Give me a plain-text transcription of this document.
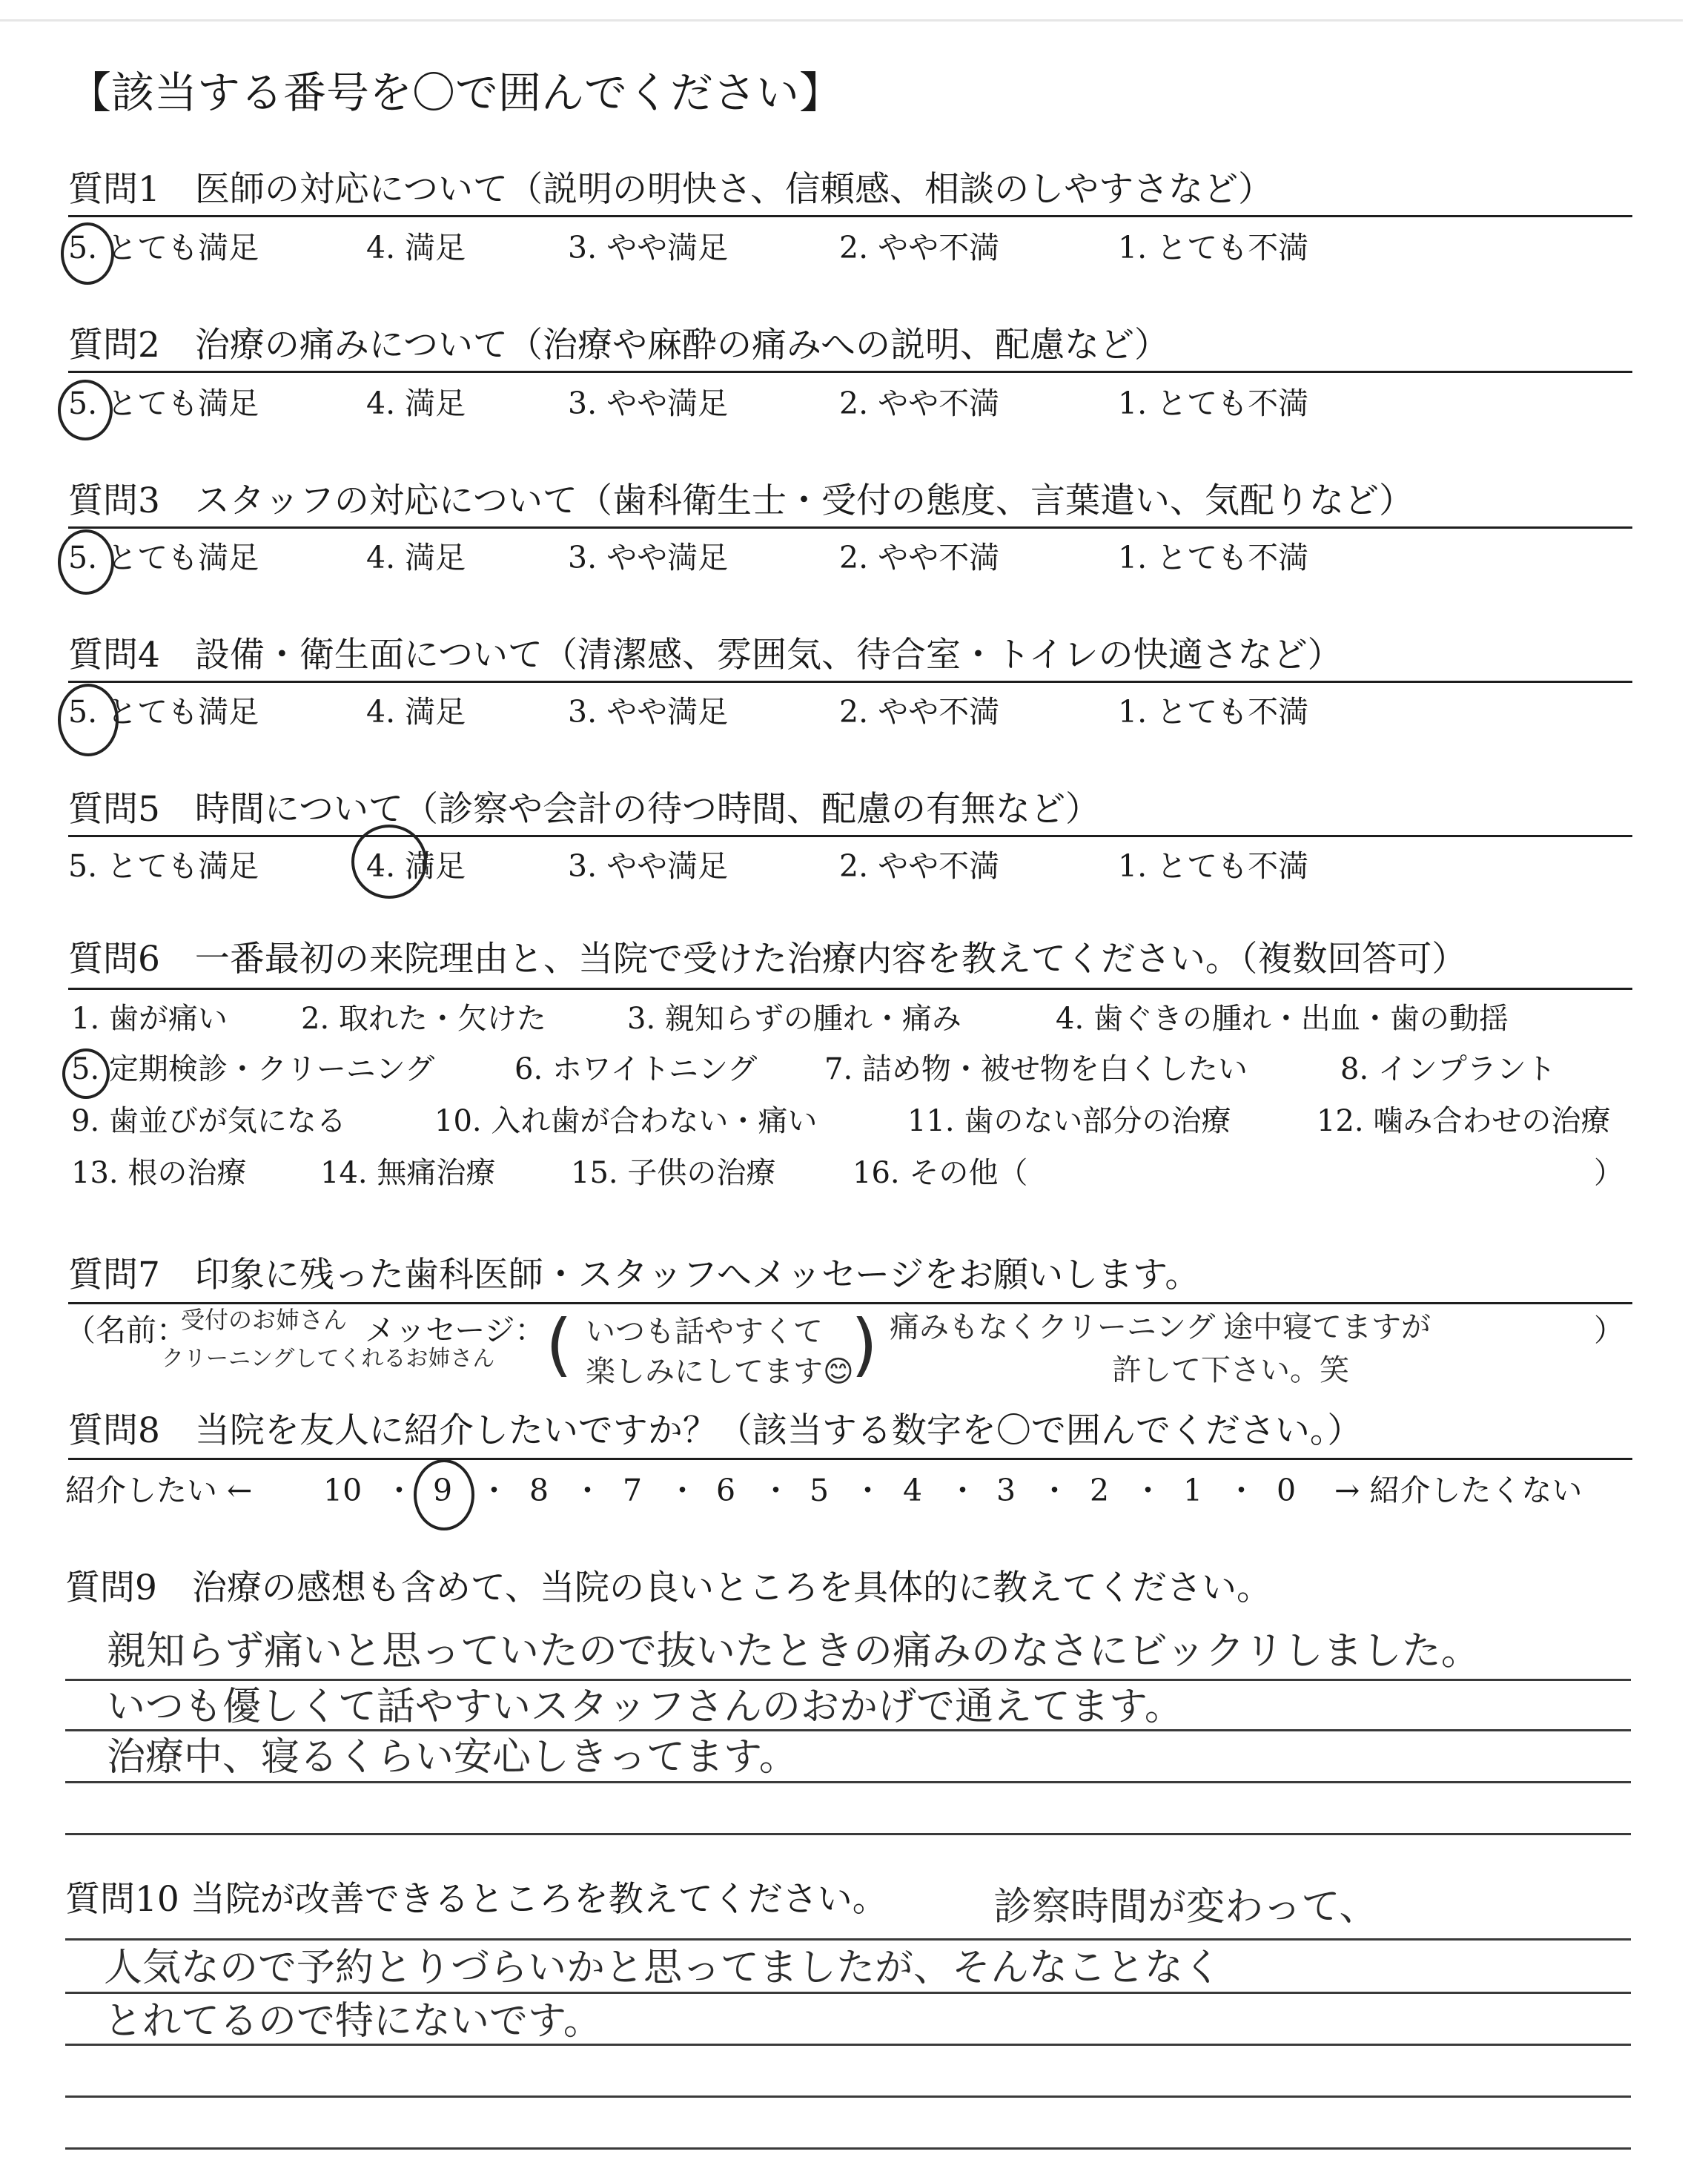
【該当する番号を〇で囲んでください】
質問1　医師の対応について（説明の明快さ、信頼感、相談のしやすさなど）
5. とても満足	4. 満足	3. やや満足	2. やや不満	1. とても不満
質問2　治療の痛みについて（治療や麻酔の痛みへの説明、配慮など）
5. とても満足	4. 満足	3. やや満足	2. やや不満	1. とても不満
質問3　スタッフの対応について（歯科衛生士・受付の態度、言葉遣い、気配りなど）
5. とても満足	4. 満足	3. やや満足	2. やや不満	1. とても不満
質問4　設備・衛生面について（清潔感、雰囲気、待合室・トイレの快適さなど）
5. とても満足	4. 満足	3. やや満足	2. やや不満	1. とても不満
質問5　時間について（診察や会計の待つ時間、配慮の有無など）
5. とても満足	4. 満足	3. やや満足	2. やや不満	1. とても不満
質問6　一番最初の来院理由と、当院で受けた治療内容を教えてください。（複数回答可）
1. 歯が痛い 2. 取れた・欠けた	3. 親知らずの腫れ・痛み	4. 歯ぐきの腫れ・出血・歯の動揺
5. 定期検診・クリーニング	6. ホワイトニング 7. 詰め物・被せ物を白くしたい	8. インプラント
9. 歯並びが気になる	10. 入れ歯が合わない・痛い	11. 歯のない部分の治療	12. 噛み合わせの治療
13. 根の治療 14. 無痛治療	15. 子供の治療	16. その他（	）
質問7　印象に残った歯科医師・スタッフへメッセージをお願いします。
（名前：
受付のお姉さん
クリーニングしてくれるお姉さん
メッセージ： ( いつも話やすくて
楽しみにしてます😊
) 痛みもなくクリーニング 途中寝てますが
許して下さい。笑
）
質問8　当院を友人に紹介したいですか？（該当する数字を〇で囲んでください。）
紹介したい ← 10 ・ 9 ・ 8 ・ 7 ・ 6 ・ 5 ・ 4 ・ 3 ・ 2 ・ 1 ・ 0 → 紹介したくない
質問9　治療の感想も含めて、当院の良いところを具体的に教えてください。
親知らず痛いと思っていたので抜いたときの痛みのなさにビックリしました。
いつも優しくて話やすいスタッフさんのおかげで通えてます。
治療中、寝るくらい安心しきってます。
質問10 当院が改善できるところを教えてください。	診察時間が変わって、
人気なので予約とりづらいかと思ってましたが、そんなことなく
とれてるので特にないです。
